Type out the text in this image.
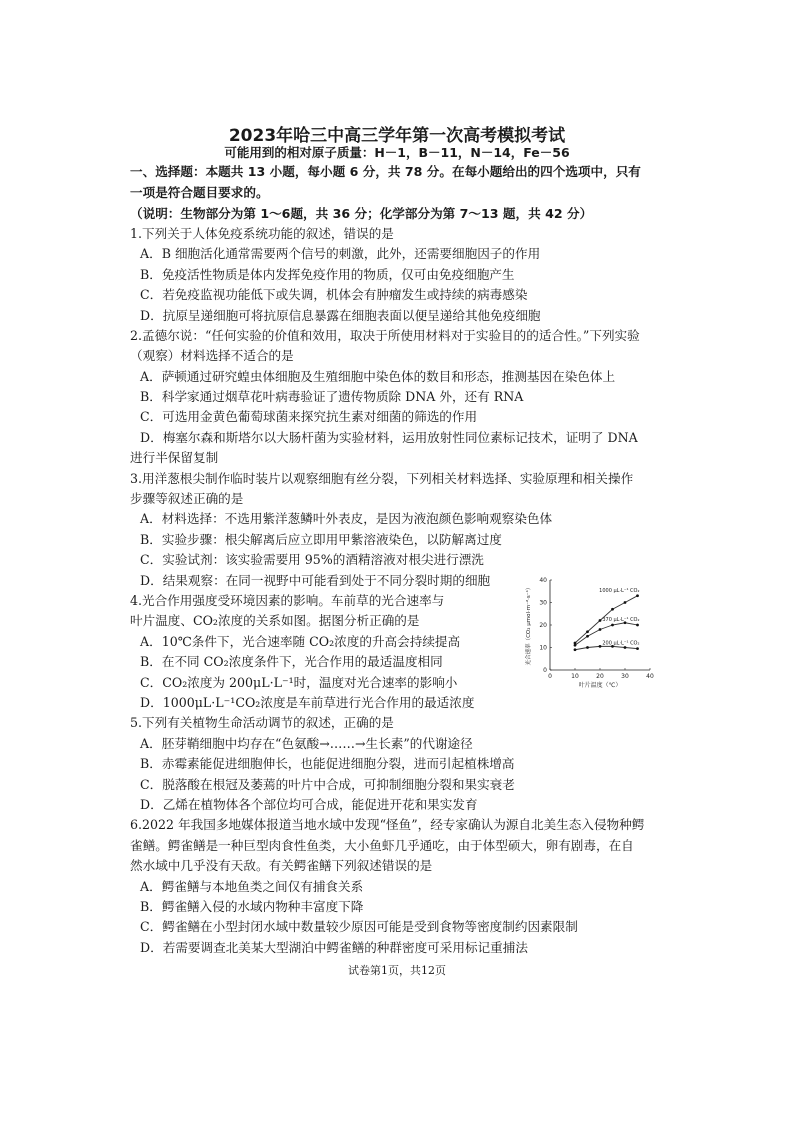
2023年哈三中高三学年第一次高考模拟考试
可能用到的相对原子质量：H－1，B－11，N－14，Fe－56
一、选择题：本题共 13 小题，每小题 6 分，共 78 分。在每小题给出的四个选项中，只有
一项是符合题目要求的。
（说明：生物部分为第 1～6题，共 36 分；化学部分为第 7～13 题，共 42 分）
1.下列关于人体免疫系统功能的叙述，错误的是
A．B 细胞活化通常需要两个信号的刺激，此外，还需要细胞因子的作用
B．免疫活性物质是体内发挥免疫作用的物质，仅可由免疫细胞产生
C．若免疫监视功能低下或失调，机体会有肿瘤发生或持续的病毒感染
D．抗原呈递细胞可将抗原信息暴露在细胞表面以便呈递给其他免疫细胞
2.孟德尔说：“任何实验的价值和效用，取决于所使用材料对于实验目的的适合性。”下列实验
（观察）材料选择不适合的是
A．萨顿通过研究蝗虫体细胞及生殖细胞中染色体的数目和形态，推测基因在染色体上
B．科学家通过烟草花叶病毒验证了遗传物质除 DNA 外，还有 RNA
C．可选用金黄色葡萄球菌来探究抗生素对细菌的筛选的作用
D．梅塞尔森和斯塔尔以大肠杆菌为实验材料，运用放射性同位素标记技术，证明了 DNA
进行半保留复制
3.用洋葱根尖制作临时装片以观察细胞有丝分裂，下列相关材料选择、实验原理和相关操作
步骤等叙述正确的是
A．材料选择：不选用紫洋葱鳞叶外表皮，是因为液泡颜色影响观察染色体
B．实验步骤：根尖解离后应立即用甲紫溶液染色，以防解离过度
C．实验试剂：该实验需要用 95%的酒精溶液对根尖进行漂洗
D．结果观察：在同一视野中可能看到处于不同分裂时期的细胞
4.光合作用强度受环境因素的影响。车前草的光合速率与
叶片温度、CO₂浓度的关系如图。据图分析正确的是
A．10℃条件下，光合速率随 CO₂浓度的升高会持续提高
B．在不同 CO₂浓度条件下，光合作用的最适温度相同
C．CO₂浓度为 200μL·L⁻¹时，温度对光合速率的影响小
D．1000μL·L⁻¹CO₂浓度是车前草进行光合作用的最适浓度
5.下列有关植物生命活动调节的叙述，正确的是
A．胚芽鞘细胞中均存在“色氨酸→……→生长素”的代谢途径
B．赤霉素能促进细胞伸长，也能促进细胞分裂，进而引起植株增高
C．脱落酸在根冠及萎蔫的叶片中合成，可抑制细胞分裂和果实衰老
D．乙烯在植物体各个部位均可合成，能促进开花和果实发育
6.2022 年我国多地媒体报道当地水域中发现“怪鱼”，经专家确认为源自北美生态入侵物种鳄
雀鳝。鳄雀鳝是一种巨型肉食性鱼类，大小鱼虾几乎通吃，由于体型硕大，卵有剧毒，在自
然水域中几乎没有天敌。有关鳄雀鳝下列叙述错误的是
A．鳄雀鳝与本地鱼类之间仅有捕食关系
B．鳄雀鳝入侵的水域内物种丰富度下降
C．鳄雀鳝在小型封闭水域中数量较少原因可能是受到食物等密度制约因素限制
D．若需要调查北美某大型湖泊中鳄雀鳝的种群密度可采用标记重捕法
0	10	20	30	40
0
10
20
30
40
叶片温度（℃）
光合速率（CO₂ μmol·m⁻²·s⁻¹）	1000 μL·L⁻¹ CO₂
370 μL·L⁻¹ CO₂
200 μL·L⁻¹ CO₂
试卷第1页，共12页
